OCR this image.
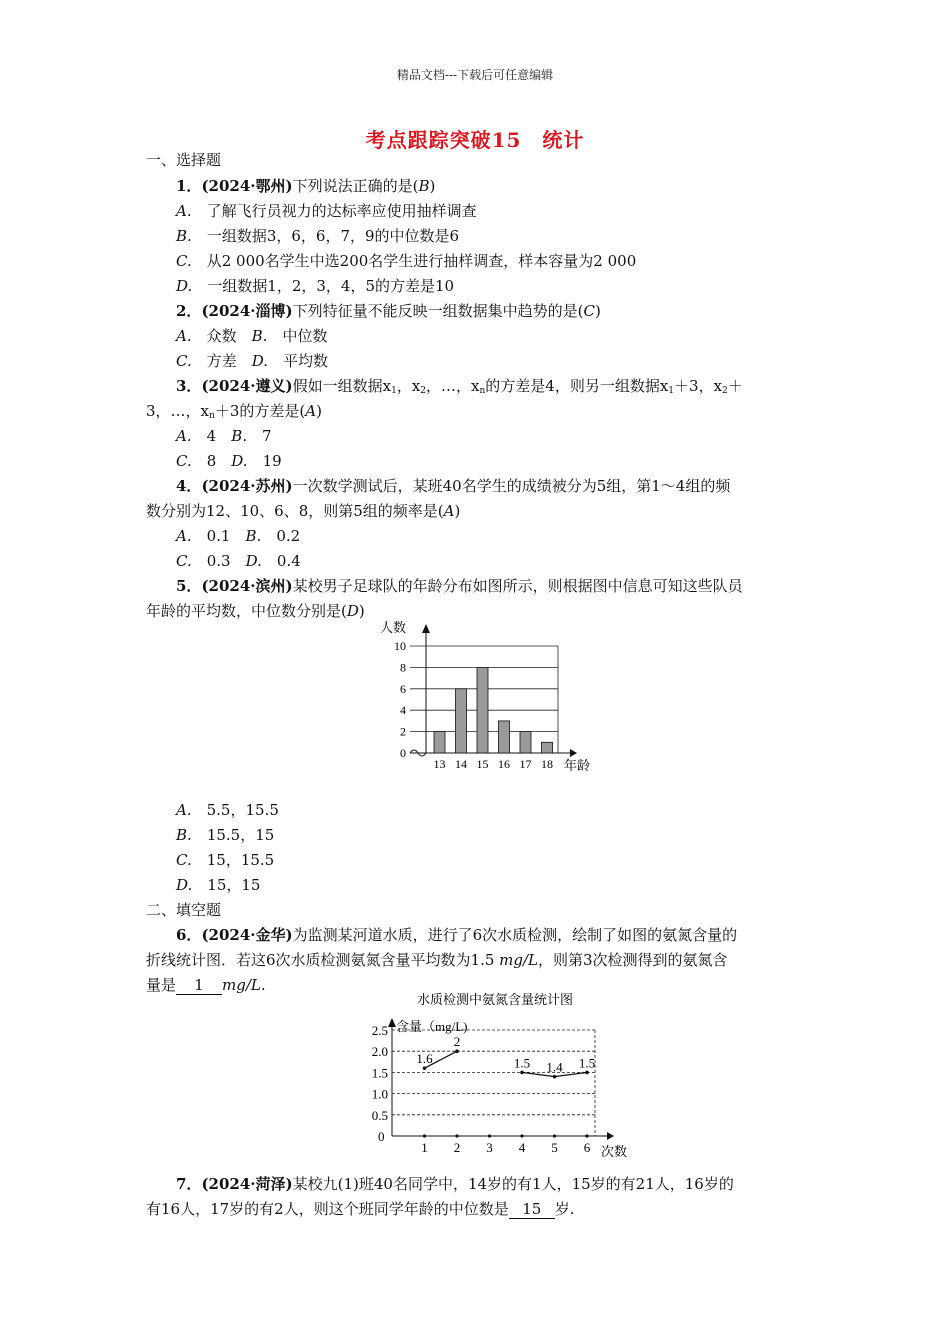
精品文档---下载后可任意编辑
考点跟踪突破15　统计
一、选择题
1．(2024·鄂州)下列说法正确的是(B)
A.　 了解飞行员视力的达标率应使用抽样调查
B.　 一组数据3，6，6，7，9的中位数是6
C.　 从2 000名学生中选200名学生进行抽样调查，样本容量为2 000
D.　 一组数据1，2，3，4，5的方差是10
2．(2024·淄博)下列特征量不能反映一组数据集中趋势的是(C)
A.　 众数　 B.　 中位数
C.　 方差　 D.　 平均数
3．(2024·遵义)假如一组数据$x_1$，$x_2$，…，$x_n$的方差是4，则另一组数据$x_1+3$，$x_2+$
3，…，$x_n+3$的方差是(A)
A.　 4　 B.　 7
C.　 8　 D.　 19
4．(2024·苏州)一次数学测试后，某班40名学生的成绩被分为5组，第1～4组的频
数分别为12、10、6、8，则第5组的频率是(A)
A.　 0.1　 B.　 0.2
C.　 0.3　 D.　 0.4
5．(2024·滨州)某校男子足球队的年龄分布如图所示，则根据图中信息可知这些队员
年龄的平均数，中位数分别是(D)
0
2
4
6
8
10
人数
年龄
13 14 15 16 17 18
A.　 5.5，15.5
B.　 15.5，15
C.　 15，15.5
D.　 15，15
二、填空题
6．(2024·金华)为监测某河道水质，进行了6次水质检测，绘制了如图的氨氮含量的
折线统计图．若这6次水质检测氨氮含量平均数为1.5 mg/L，则第3次检测得到的氨氮含
量是 1 mg/L.
水质检测中氨氮含量统计图
0.5
1.0
1.5
2.0
2.5 含量（mg/L)
次数
0
1 2 3 4 5 6
1.6
2
1.5 1.4 1.5
7．(2024·菏泽)某校九(1)班40名同学中，14岁的有1人，15岁的有21人，16岁的
有16人，17岁的有2人，则这个班同学年龄的中位数是 15 岁.
